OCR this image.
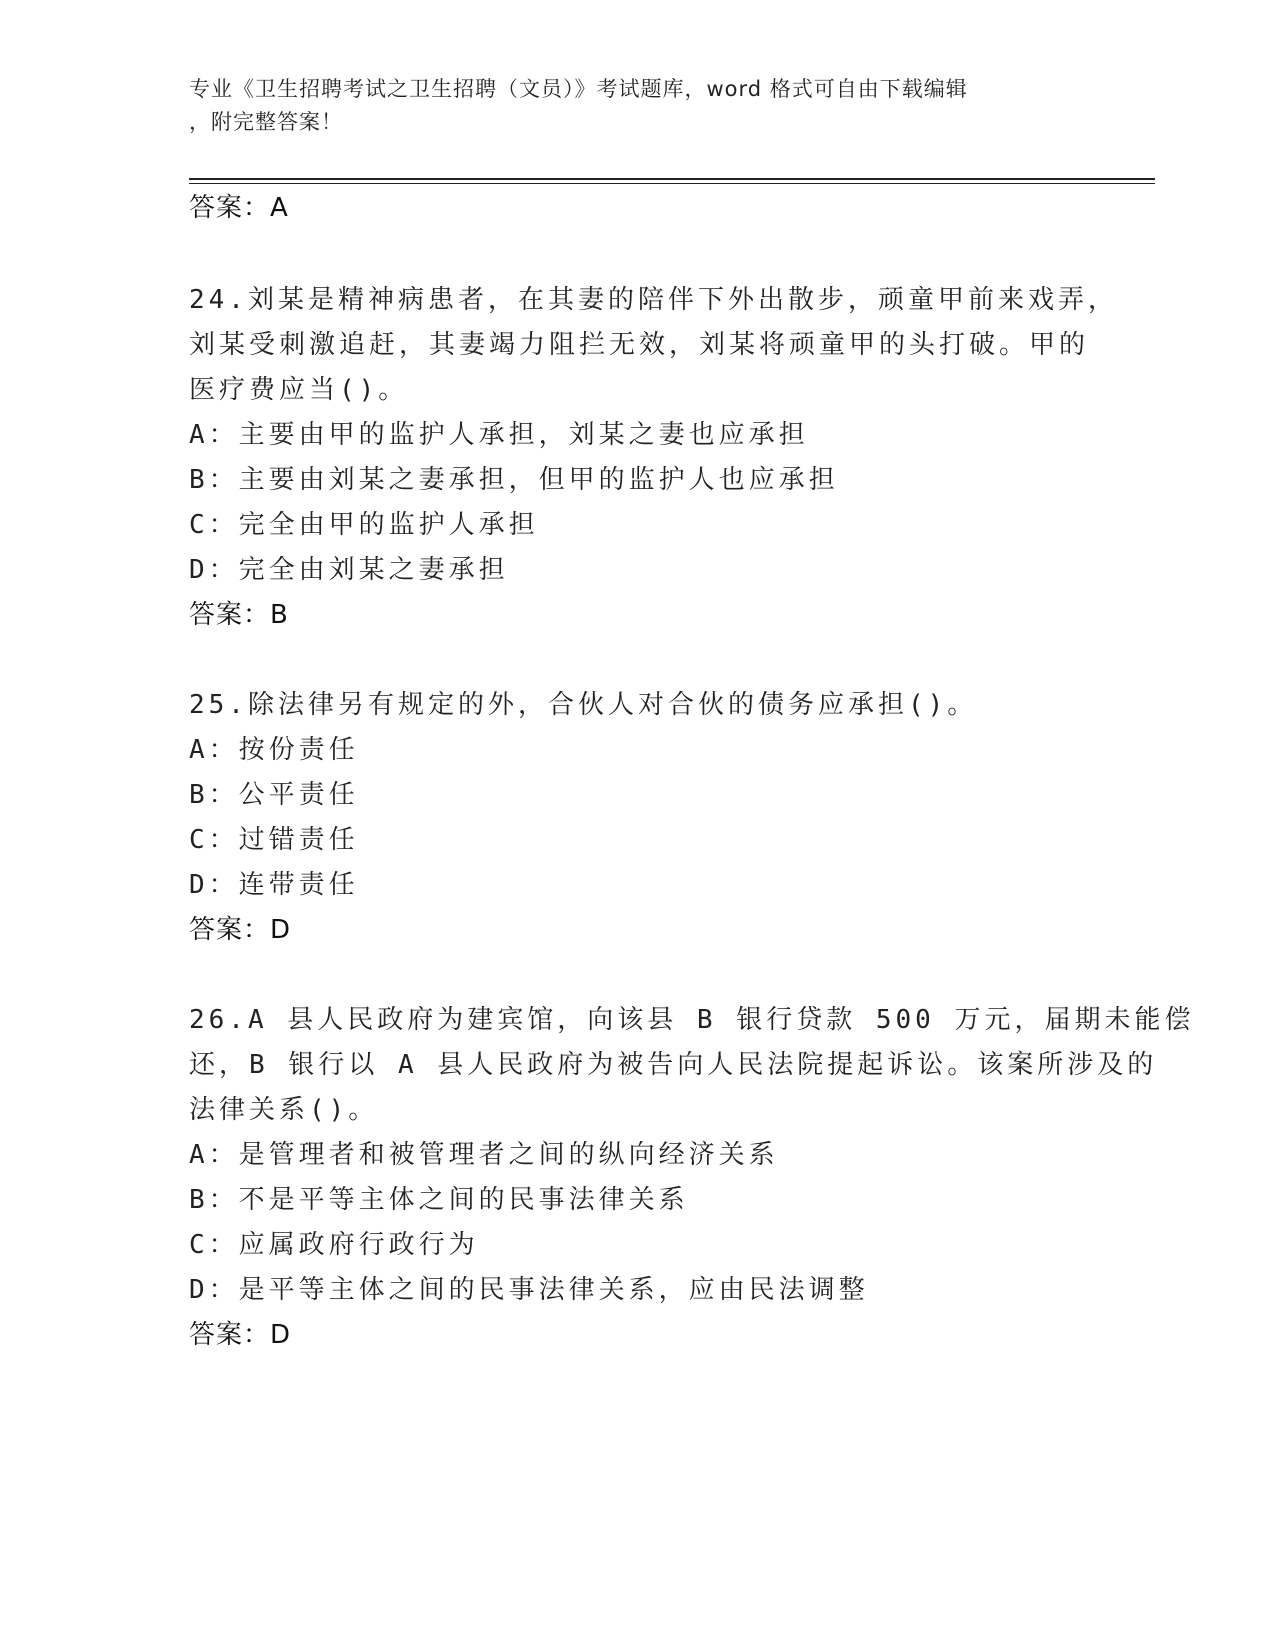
专业《卫生招聘考试之卫生招聘（文员）》考试题库，word 格式可自由下载编辑
，附完整答案！
答案：A
24.刘某是精神病患者，在其妻的陪伴下外出散步，顽童甲前来戏弄，
刘某受刺激追赶，其妻竭力阻拦无效，刘某将顽童甲的头打破。甲的
医疗费应当()。
A：主要由甲的监护人承担，刘某之妻也应承担
B：主要由刘某之妻承担，但甲的监护人也应承担
C：完全由甲的监护人承担
D：完全由刘某之妻承担
答案：B
25.除法律另有规定的外，合伙人对合伙的债务应承担()。
A：按份责任
B：公平责任
C：过错责任
D：连带责任
答案：D
26.A 县人民政府为建宾馆，向该县 B 银行贷款 500 万元，届期未能偿
还，B 银行以 A 县人民政府为被告向人民法院提起诉讼。该案所涉及的
法律关系()。
A：是管理者和被管理者之间的纵向经济关系
B：不是平等主体之间的民事法律关系
C：应属政府行政行为
D：是平等主体之间的民事法律关系，应由民法调整
答案：D
